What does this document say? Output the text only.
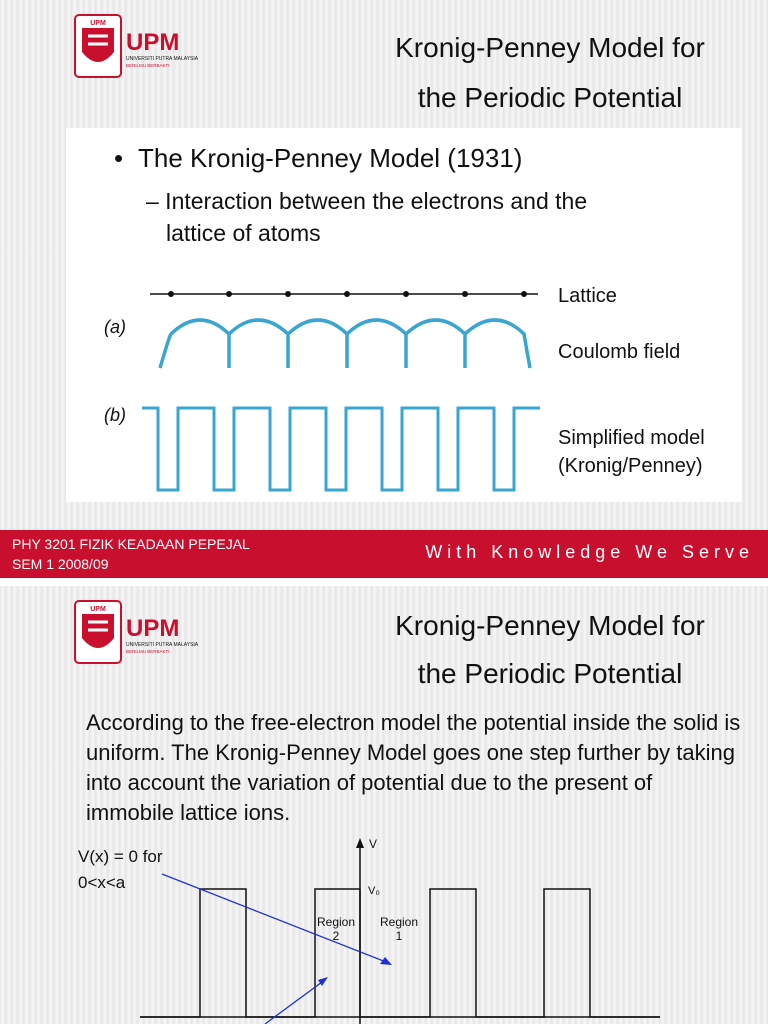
UPM
UPM
UNIVERSITI PUTRA MALAYSIA
BERILMU BERBAKTI
Kronig-Penney Model for
the Periodic Potential
• The Kronig-Penney Model (1931)
– Interaction between the electrons and the
lattice of atoms
Lattice
(a)
Coulomb field
(b)
Simplified model
(Kronig/Penney)
PHY 3201 FIZIK KEADAAN PEPEJAL
SEM 1 2008/09
With Knowledge We Serve
UPM
UPM
UNIVERSITI PUTRA MALAYSIA
BERILMU BERBAKTI
Kronig-Penney Model for
the Periodic Potential
According to the free-electron model the potential inside the solid is uniform. The Kronig-Penney Model goes one step further by taking into account the variation of potential due to the present of immobile lattice ions.
V(x) = 0 for
0<x<a
V
V₀
Region
2
Region
1
